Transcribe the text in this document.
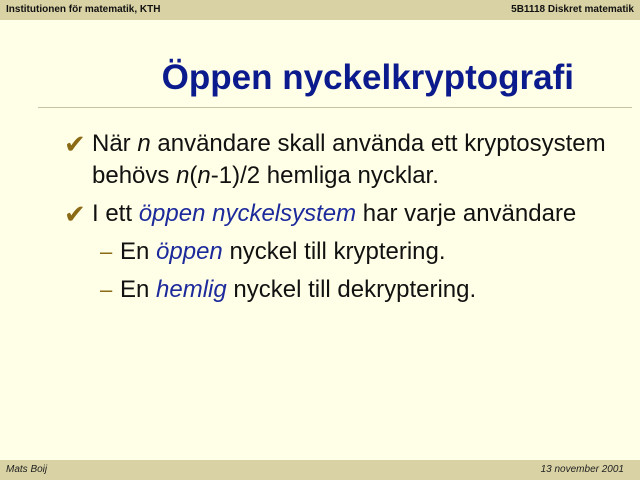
Institutionen för matematik, KTH	5B1118 Diskret matematik
Öppen nyckelkryptografi
✔ När n användare skall använda ett kryptosystem behövs n(n-1)/2 hemliga nycklar.
✔ I ett öppen nyckelsystem har varje användare
– En öppen nyckel till kryptering.
– En hemlig nyckel till dekryptering.
Mats Boij	13 november 2001
